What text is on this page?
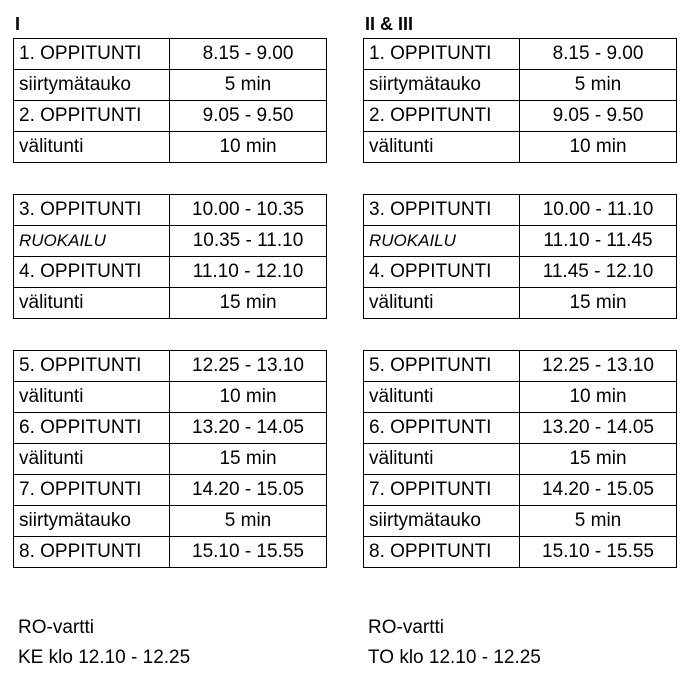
I
1. OPPITUNTI	8.15 - 9.00
siirtymätauko	5 min
2. OPPITUNTI	9.05 - 9.50
välitunti	10 min
3. OPPITUNTI	10.00 - 10.35
RUOKAILU	10.35 - 11.10
4. OPPITUNTI	11.10 - 12.10
välitunti	15 min
5. OPPITUNTI	12.25 - 13.10
välitunti	10 min
6. OPPITUNTI	13.20 - 14.05
välitunti	15 min
7. OPPITUNTI	14.20 - 15.05
siirtymätauko	5 min
8. OPPITUNTI	15.10 - 15.55
II & III
1. OPPITUNTI	8.15 - 9.00
siirtymätauko	5 min
2. OPPITUNTI	9.05 - 9.50
välitunti	10 min
3. OPPITUNTI	10.00 - 11.10
RUOKAILU	11.10 - 11.45
4. OPPITUNTI	11.45 - 12.10
välitunti	15 min
5. OPPITUNTI	12.25 - 13.10
välitunti	10 min
6. OPPITUNTI	13.20 - 14.05
välitunti	15 min
7. OPPITUNTI	14.20 - 15.05
siirtymätauko	5 min
8. OPPITUNTI	15.10 - 15.55
RO-vartti
KE klo 12.10 - 12.25
RO-vartti
TO klo 12.10 - 12.25
